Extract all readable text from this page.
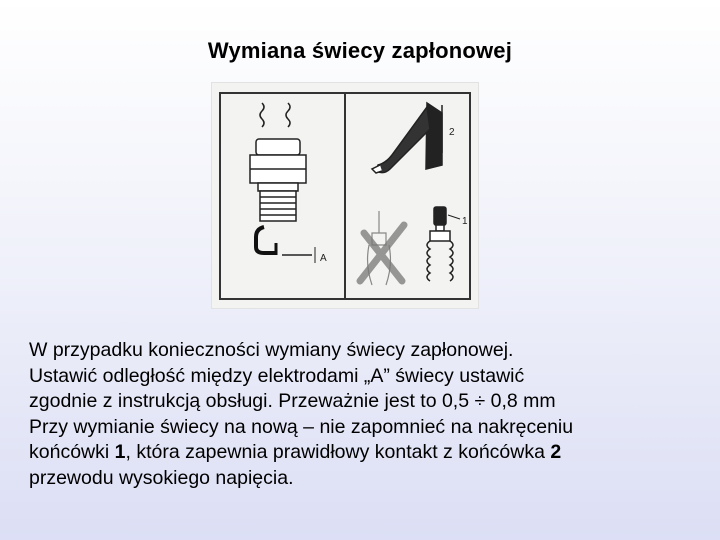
Wymiana świecy zapłonowej
A
2
1

W przypadku konieczności wymiany świecy zapłonowej.

Ustawić odległość między elektrodami „A” świecy ustawić

zgodnie z instrukcją obsługi. Przeważnie jest to 0,5 ÷ 0,8 mm

Przy wymianie świecy na nową – nie zapomnieć na nakręceniu

końcówki 1, która zapewnia prawidłowy kontakt z końcówka 2

przewodu wysokiego napięcia.
